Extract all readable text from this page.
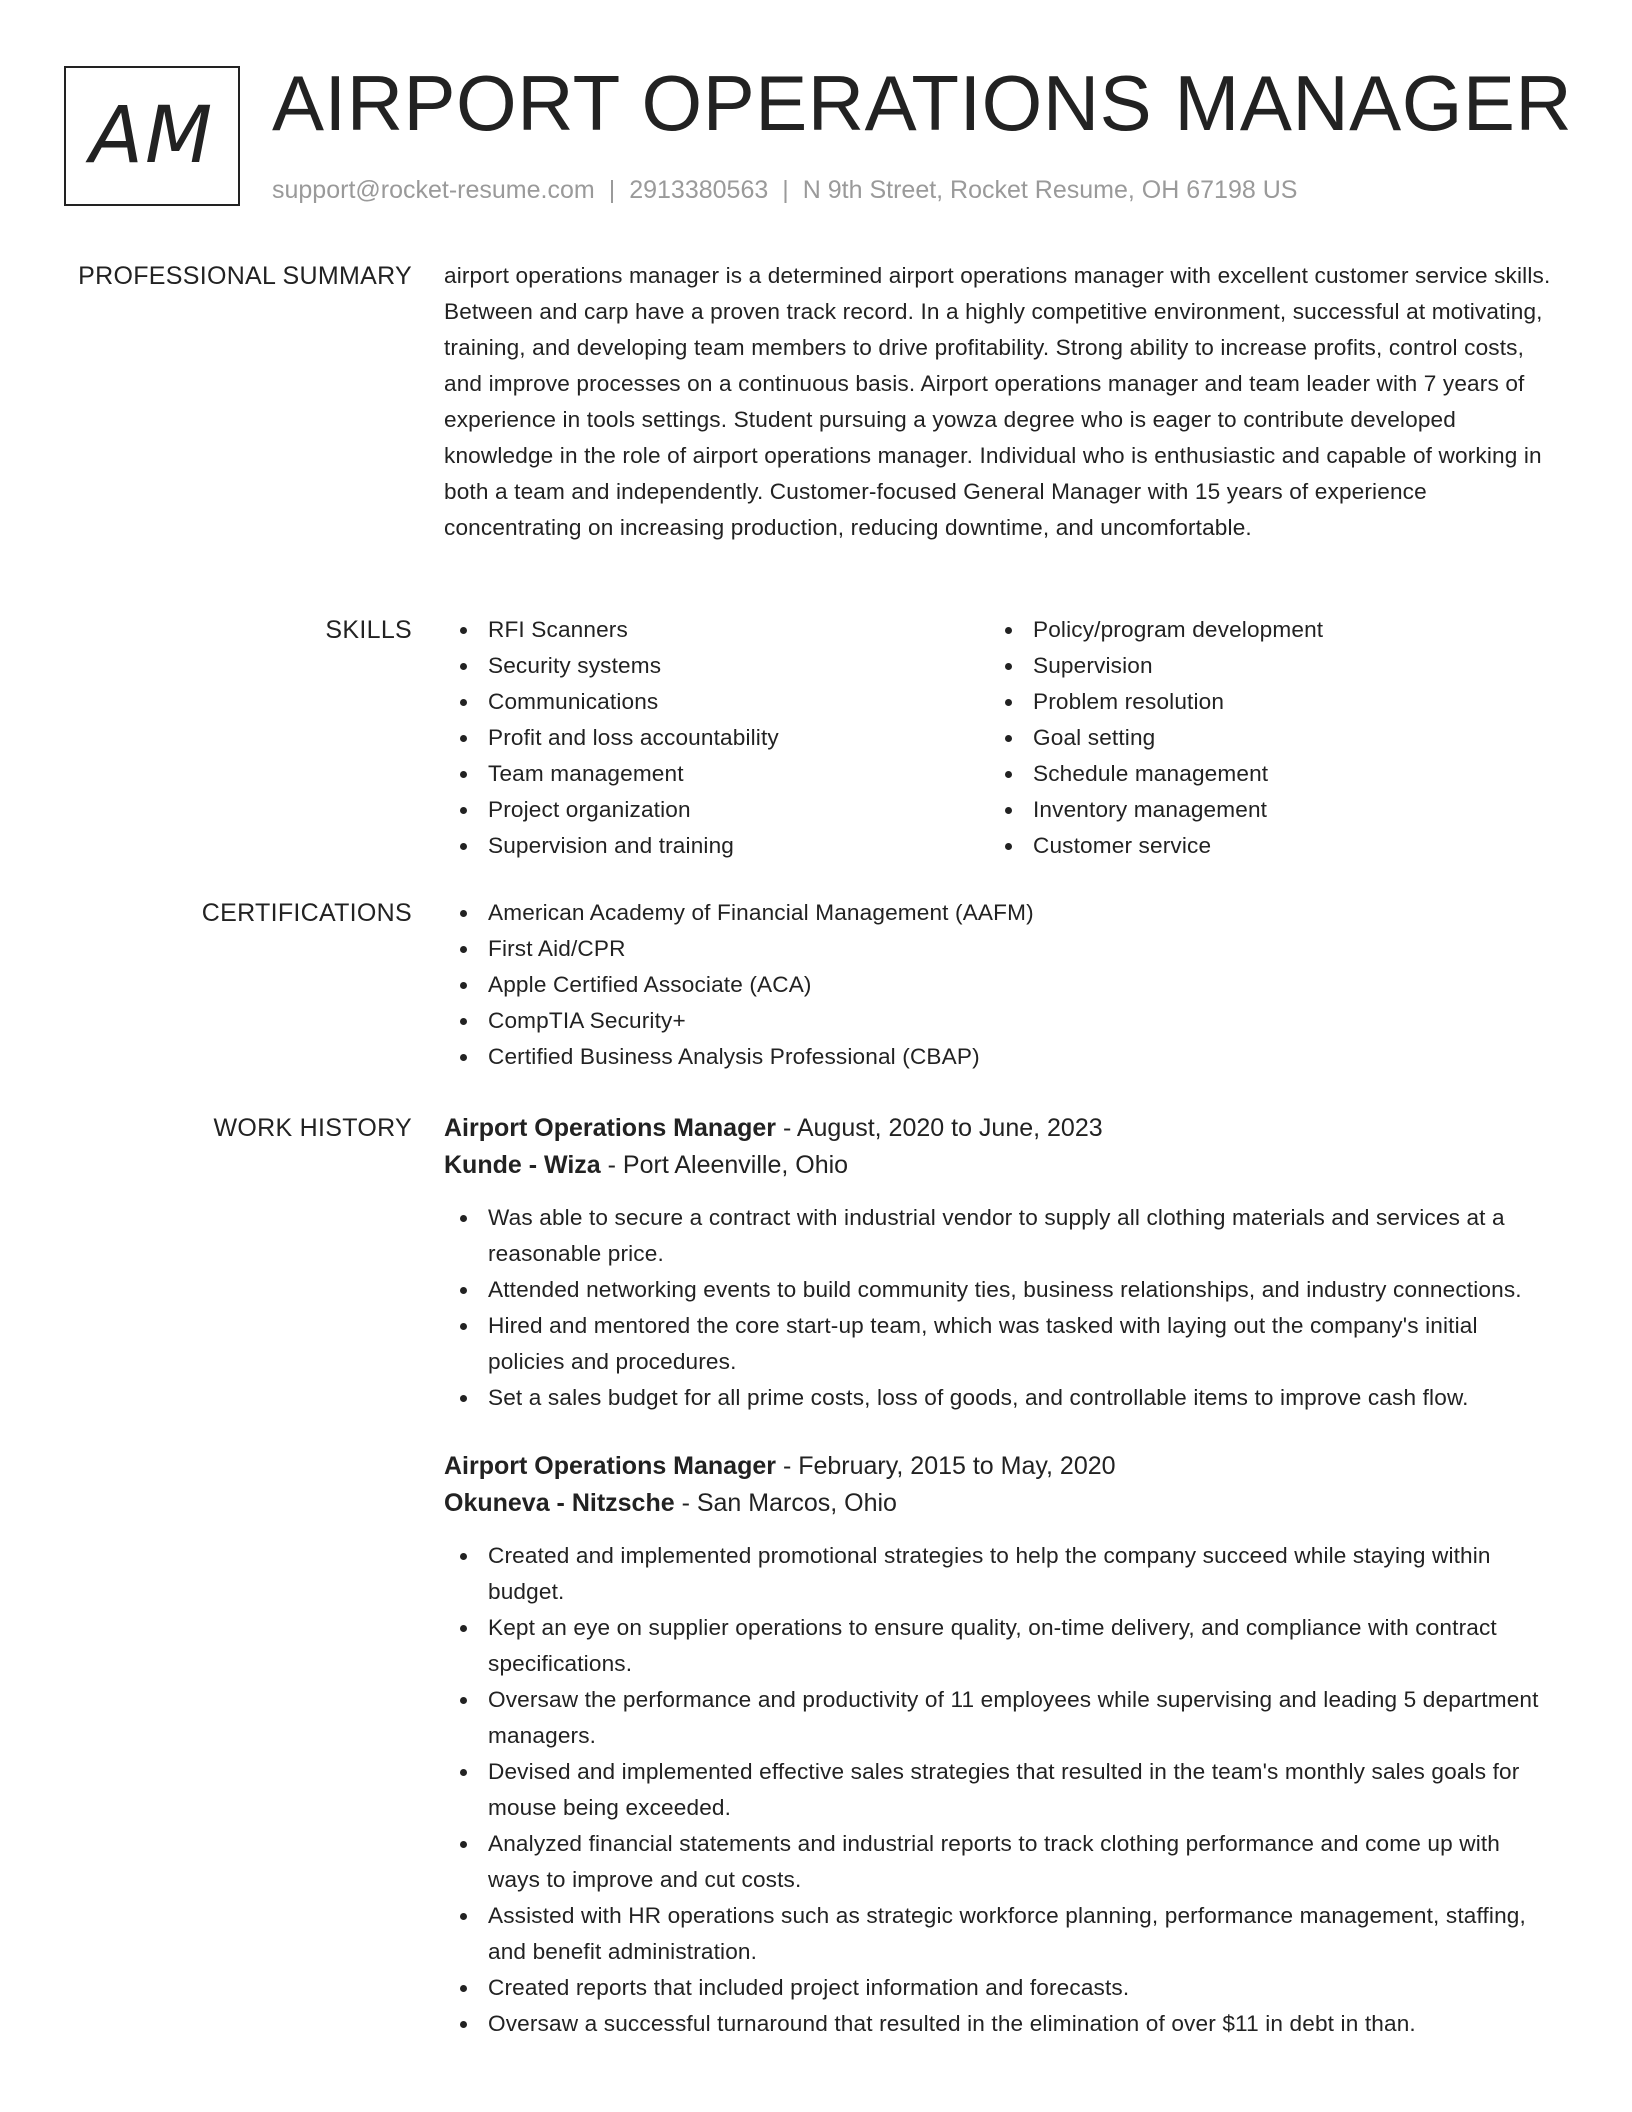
AM AIRPORT OPERATIONS MANAGER
support@rocket-resume.com | 2913380563 | N 9th Street, Rocket Resume, OH 67198 US
PROFESSIONAL SUMMARY airport operations manager is a determined airport operations manager with excellent customer service skills. Between and carp have a proven track record. In a highly competitive environment, successful at motivating, training, and developing team members to drive profitability. Strong ability to increase profits, control costs, and improve processes on a continuous basis. Airport operations manager and team leader with 7 years of experience in tools settings. Student pursuing a yowza degree who is eager to contribute developed knowledge in the role of airport operations manager. Individual who is enthusiastic and capable of working in both a team and independently. Customer-focused General Manager with 15 years of experience concentrating on increasing production, reducing downtime, and uncomfortable.

SKILLS	RFI Scanners
Security systems
Communications
Profit and loss accountability
Team management
Project organization
Supervision and training
Policy/program development
Supervision
Problem resolution
Goal setting
Schedule management
Inventory management
Customer service
CERTIFICATIONS	American Academy of Financial Management (AAFM)
First Aid/CPR
Apple Certified Associate (ACA)
CompTIA Security+
Certified Business Analysis Professional (CBAP)
WORK HISTORY Airport Operations Manager - August, 2020 to June, 2023
Kunde - Wiza - Port Aleenville, Ohio
Was able to secure a contract with industrial vendor to supply all clothing materials and services at a reasonable price.
Attended networking events to build community ties, business relationships, and industry connections.
Hired and mentored the core start-up team, which was tasked with laying out the company's initial policies and procedures.
Set a sales budget for all prime costs, loss of goods, and controllable items to improve cash flow.
Airport Operations Manager - February, 2015 to May, 2020
Okuneva - Nitzsche - San Marcos, Ohio
Created and implemented promotional strategies to help the company succeed while staying within budget.
Kept an eye on supplier operations to ensure quality, on-time delivery, and compliance with contract specifications.
Oversaw the performance and productivity of 11 employees while supervising and leading 5 department managers.
Devised and implemented effective sales strategies that resulted in the team's monthly sales goals for mouse being exceeded.
Analyzed financial statements and industrial reports to track clothing performance and come up with ways to improve and cut costs.
Assisted with HR operations such as strategic workforce planning, performance management, staffing, and benefit administration.
Created reports that included project information and forecasts.
Oversaw a successful turnaround that resulted in the elimination of over $11 in debt in than.
